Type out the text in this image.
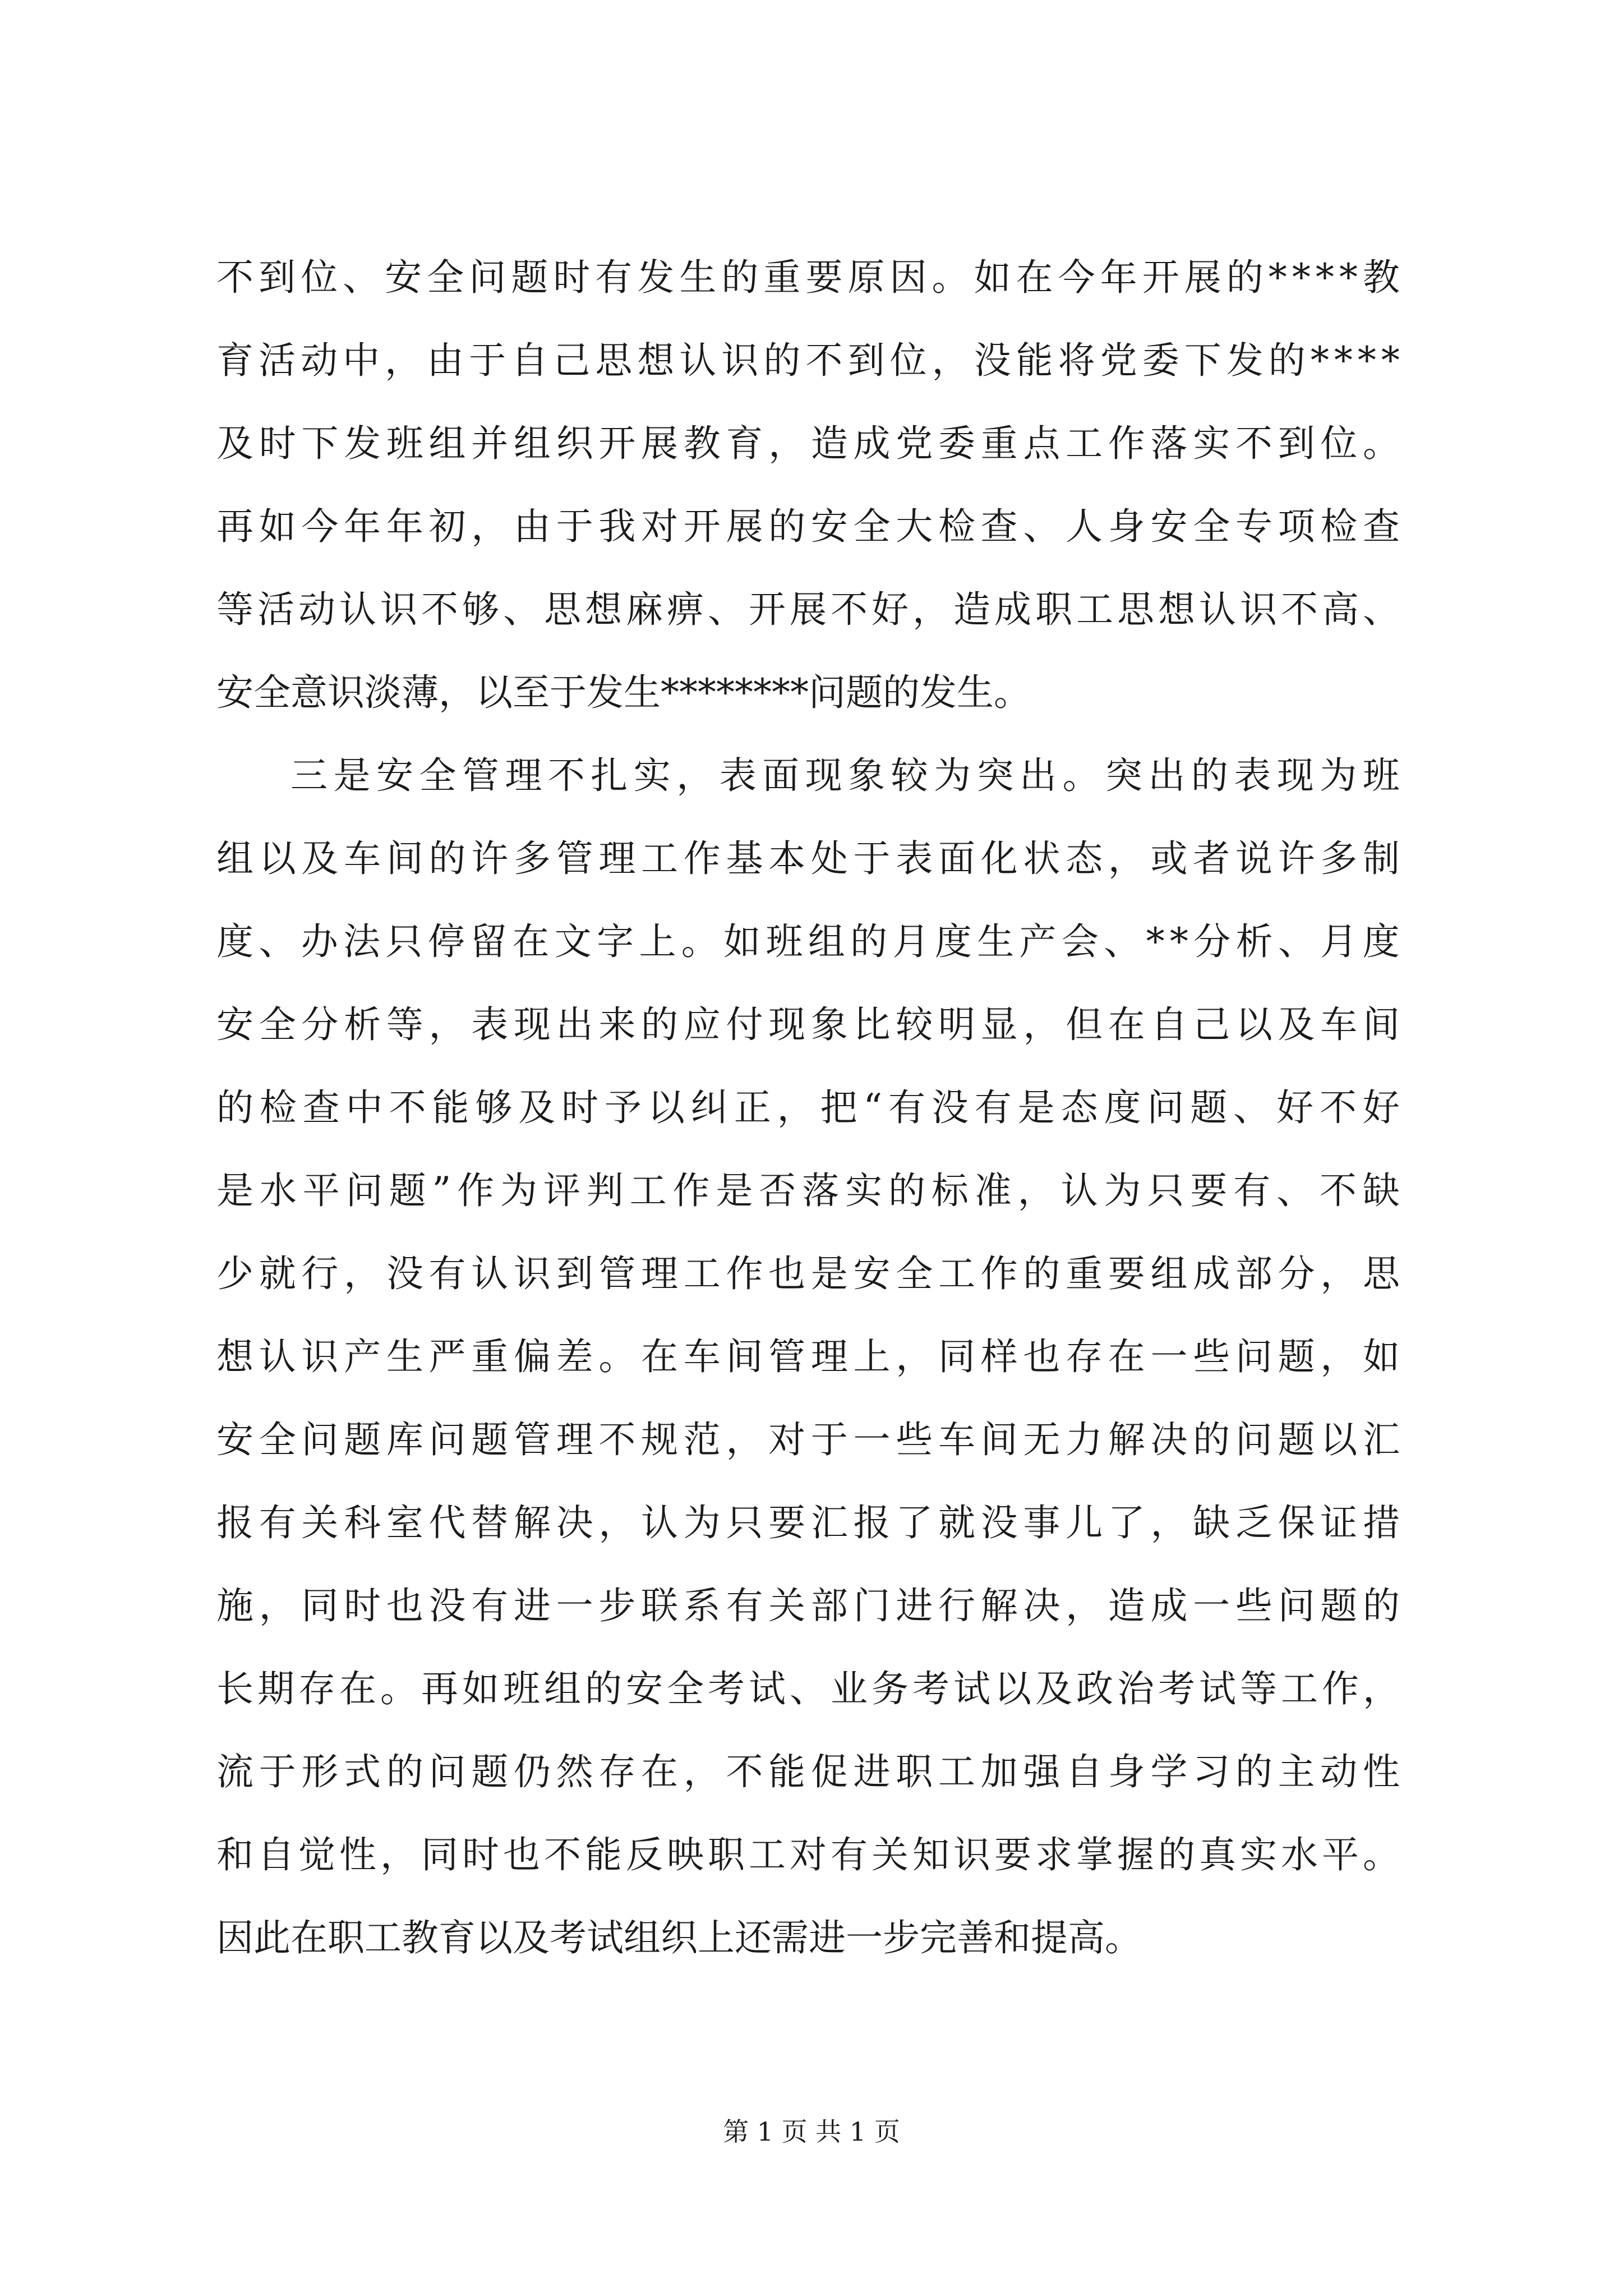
不 到 位 、 安 全 问 题 时 有 发 生 的 重 要 原 因 。 如 在 今 年 开 展 的 * * * * 教
育 活 动 中 ， 由 于 自 己 思 想 认 识 的 不 到 位 ， 没 能 将 党 委 下 发 的 * * * *
及 时 下 发 班 组 并 组 织 开 展 教 育 ， 造 成 党 委 重 点 工 作 落 实 不 到 位 。
再 如 今 年 年 初 ， 由 于 我 对 开 展 的 安 全 大 检 查 、 人 身 安 全 专 项 检 查
等 活 动 认 识 不 够 、 思 想 麻 痹 、 开 展 不 好 ， 造 成 职 工 思 想 认 识 不 高 、
安全意识淡薄，以至于发生********问题的发生。
三 是 安 全 管 理 不 扎 实 ， 表 面 现 象 较 为 突 出 。 突 出 的 表 现 为 班
组 以 及 车 间 的 许 多 管 理 工 作 基 本 处 于 表 面 化 状 态 ， 或 者 说 许 多 制
度 、 办 法 只 停 留 在 文 字 上 。 如 班 组 的 月 度 生 产 会 、 * * 分 析 、 月 度
安 全 分 析 等 ， 表 现 出 来 的 应 付 现 象 比 较 明 显 ， 但 在 自 己 以 及 车 间
的 检 查 中 不 能 够 及 时 予 以 纠 正 ， 把 “ 有 没 有 是 态 度 问 题 、 好 不 好
是 水 平 问 题 ” 作 为 评 判 工 作 是 否 落 实 的 标 准 ， 认 为 只 要 有 、 不 缺
少 就 行 ， 没 有 认 识 到 管 理 工 作 也 是 安 全 工 作 的 重 要 组 成 部 分 ， 思
想 认 识 产 生 严 重 偏 差 。 在 车 间 管 理 上 ， 同 样 也 存 在 一 些 问 题 ， 如
安 全 问 题 库 问 题 管 理 不 规 范 ， 对 于 一 些 车 间 无 力 解 决 的 问 题 以 汇
报 有 关 科 室 代 替 解 决 ， 认 为 只 要 汇 报 了 就 没 事 儿 了 ， 缺 乏 保 证 措
施 ， 同 时 也 没 有 进 一 步 联 系 有 关 部 门 进 行 解 决 ， 造 成 一 些 问 题 的
长 期 存 在 。 再 如 班 组 的 安 全 考 试 、 业 务 考 试 以 及 政 治 考 试 等 工 作 ，
流 于 形 式 的 问 题 仍 然 存 在 ， 不 能 促 进 职 工 加 强 自 身 学 习 的 主 动 性
和 自 觉 性 ， 同 时 也 不 能 反 映 职 工 对 有 关 知 识 要 求 掌 握 的 真 实 水 平 。
因此在职工教育以及考试组织上还需进一步完善和提高。
第 1 页 共 1 页
